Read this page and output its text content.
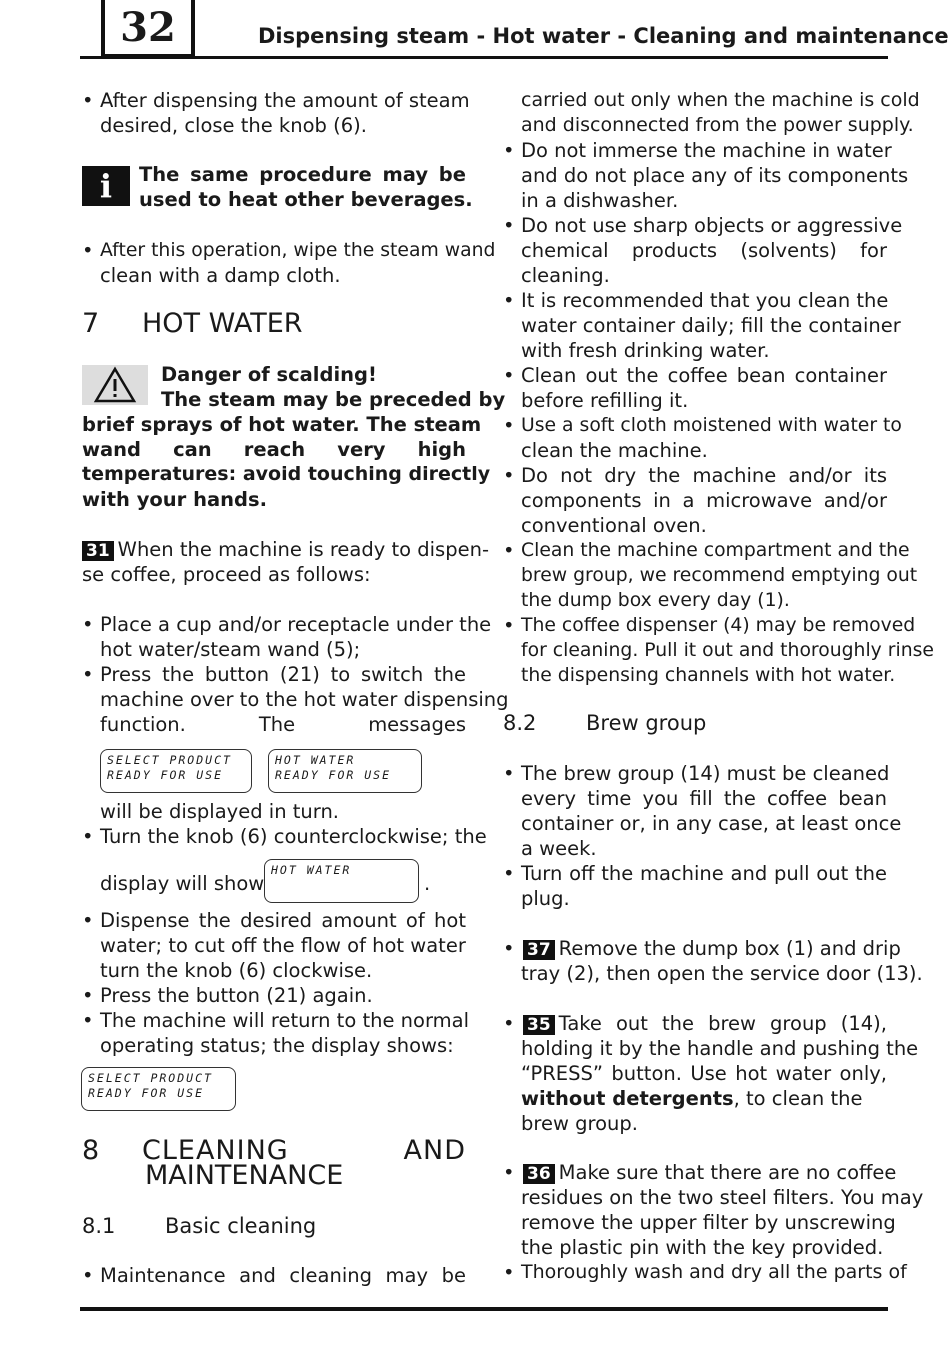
32	Dispensing steam - Hot water - Cleaning and maintenance
• After dispensing the amount of steam
desired, close the knob (6).
i	The same procedure may be
used to heat other beverages.
• After this operation, wipe the steam wand
clean with a damp cloth.
7 HOT WATER
Danger of scalding!
The steam may be preceded by
brief sprays of hot water. The steam
wand can reach very high
temperatures: avoid touching directly
with your hands.
31 When the machine is ready to dispen-
se coffee, proceed as follows:
• Place a cup and/or receptacle under the
hot water/steam wand (5);
• Press the button (21) to switch the
machine over to the hot water dispensing
function. The messages
SELECT PRODUCT
READY FOR USE
HOT WATER
READY FOR USE
will be displayed in turn.
• Turn the knob (6) counterclockwise; the
display will show
HOT WATER
.
• Dispense the desired amount of hot
water; to cut off the flow of hot water
turn the knob (6) clockwise.
• Press the button (21) again.
• The machine will return to the normal
operating status; the display shows:
SELECT PRODUCT
READY FOR USE
8 CLEANING AND
MAINTENANCE
8.1 Basic cleaning
• Maintenance and cleaning may be
carried out only when the machine is cold
and disconnected from the power supply.
• Do not immerse the machine in water
and do not place any of its components
in a dishwasher.
• Do not use sharp objects or aggressive
chemical products (solvents) for
cleaning.
• It is recommended that you clean the
water container daily; fill the container
with fresh drinking water.
• Clean out the coffee bean container
before refilling it.
• Use a soft cloth moistened with water to
clean the machine.
• Do not dry the machine and/or its
components in a microwave and/or
conventional oven.
• Clean the machine compartment and the
brew group, we recommend emptying out
the dump box every day (1).
• The coffee dispenser (4) may be removed
for cleaning. Pull it out and thoroughly rinse
the dispensing channels with hot water.
8.2 Brew group
• The brew group (14) must be cleaned
every time you fill the coffee bean
container or, in any case, at least once
a week.
• Turn off the machine and pull out the
plug.
• 37 Remove the dump box (1) and drip
tray (2), then open the service door (13).
• 35 Take out the brew group (14),
holding it by the handle and pushing the
“PRESS” button. Use hot water only,
without detergents, to clean the
brew group.
• 36 Make sure that there are no coffee
residues on the two steel filters. You may
remove the upper filter by unscrewing
the plastic pin with the key provided.
• Thoroughly wash and dry all the parts of
